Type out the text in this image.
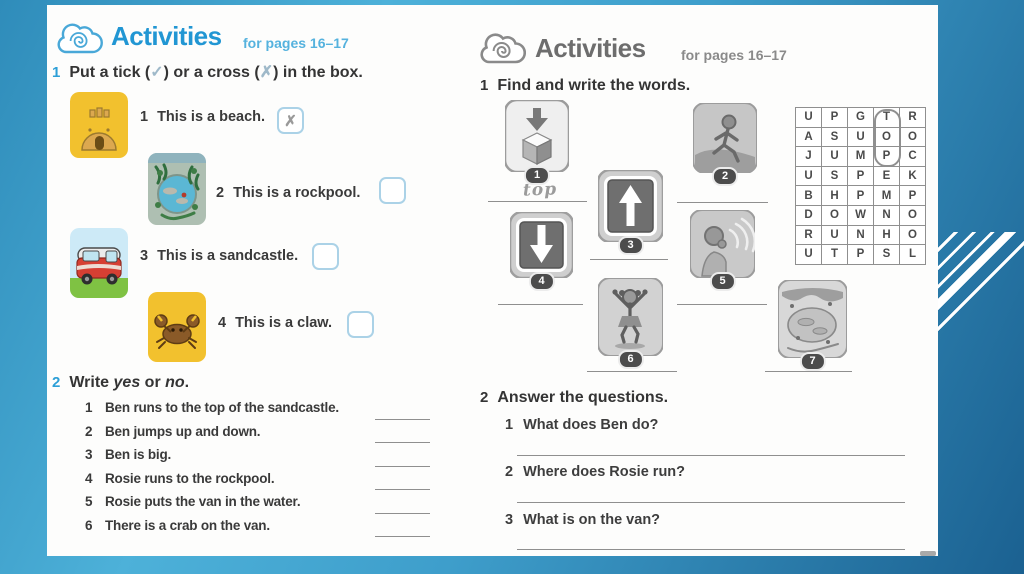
Activities for pages 16–17
1 Put a tick (✓) or a cross (✗) in the box.
1 This is a beach.	✗
2 This is a rockpool.
3 This is a sandcastle.
4 This is a claw.
2 Write yes or no.
1 Ben runs to the top of the sandcastle.
2 Ben jumps up and down.
3 Ben is big.
4 Rosie runs to the rockpool.
5 Rosie puts the van in the water.
6 There is a crab on the van.
Activities	for pages 16–17
1 Find and write the words.
1	2
3
4	5
6	7
top
U	P	G	T	R
A	S	U	O	O
J	U	M	P	C
U	S	P	E	K
B	H	P	M	P
D	O	W	N	O
R	U	N	H	O
U	T	P	S	L
2 Answer the questions.
1 What does Ben do?
2 Where does Rosie run?
3 What is on the van?
